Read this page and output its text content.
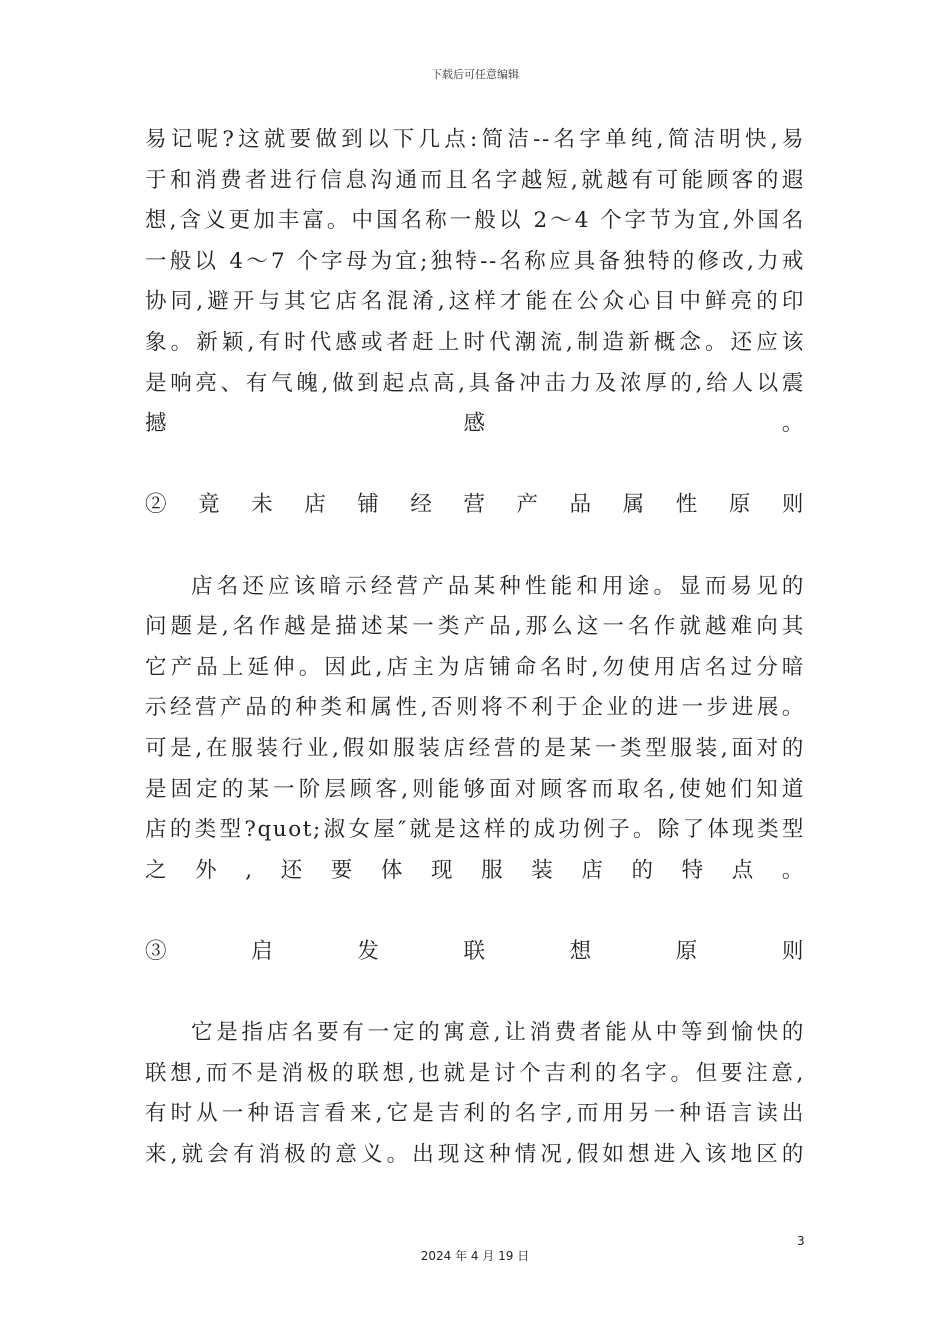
下载后可任意编辑
易记呢?这就要做到以下几点:简洁--名字单纯,简洁明快,易
于和消费者进行信息沟通而且名字越短,就越有可能顾客的遐
想,含义更加丰富。中国名称一般以 2～4 个字节为宜,外国名
一般以 4～7 个字母为宜;独特--名称应具备独特的修改,力戒
协同,避开与其它店名混淆,这样才能在公众心目中鲜亮的印
象。新颖,有时代感或者赶上时代潮流,制造新概念。还应该
是响亮、有气魄,做到起点高,具备冲击力及浓厚的,给人以震
撼感。
②竟未店铺经营产品属性原则
店名还应该暗示经营产品某种性能和用途。显而易见的
问题是,名作越是描述某一类产品,那么这一名作就越难向其
它产品上延伸。因此,店主为店铺命名时,勿使用店名过分暗
示经营产品的种类和属性,否则将不利于企业的进一步进展。
可是,在服装行业,假如服装店经营的是某一类型服装,面对的
是固定的某一阶层顾客,则能够面对顾客而取名,使她们知道
店的类型?quot;淑女屋″就是这样的成功例子。除了体现类型
之外,还要体现服装店的特点。
③启发联想原则
它是指店名要有一定的寓意,让消费者能从中等到愉快的
联想,而不是消极的联想,也就是讨个吉利的名字。但要注意,
有时从一种语言看来,它是吉利的名字,而用另一种语言读出
来,就会有消极的意义。出现这种情况,假如想进入该地区的
3
2024 年 4 月 19 日
